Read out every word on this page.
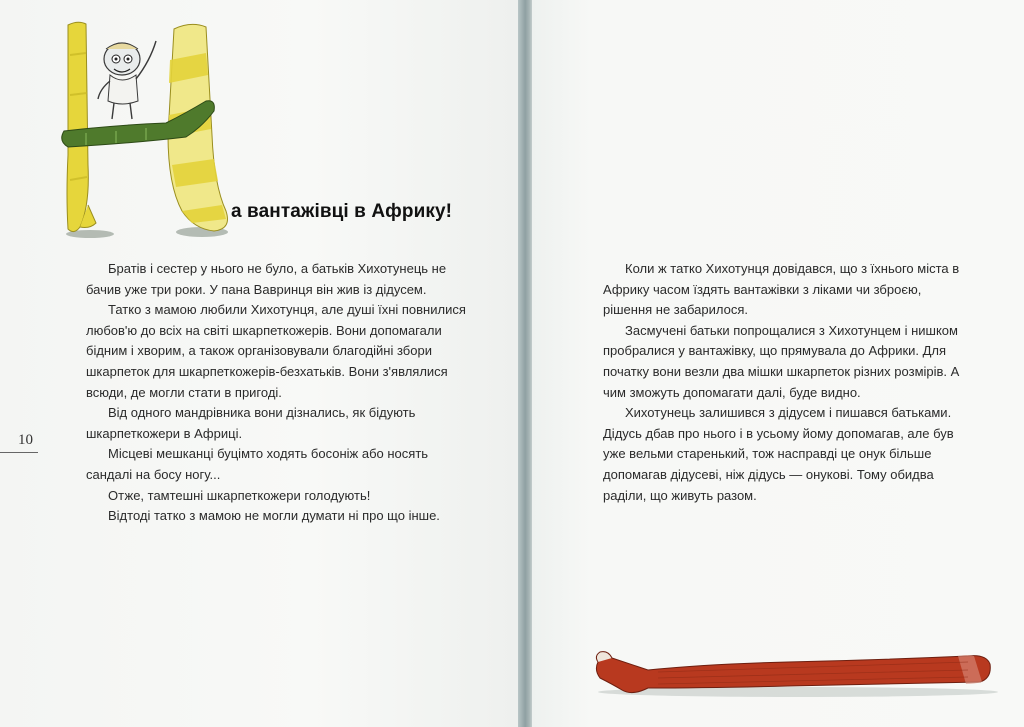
а вантажівці в Африку!

Братів і сестер у нього не було, а батьків Хихотунець не бачив уже три роки. У пана Вавринця він жив із дідусем.

Татко з мамою любили Хихотунця, але душі їхні повнилися любов'ю до всіх на світі шкарпеткожерів. Вони допомагали бідним і хворим, а також організовували благодійні збори шкарпеток для шкарпеткожерів-безхатьків. Вони з'являлися всюди, де могли стати в пригоді.

Від одного мандрівника вони дізнались, як бідують шкарпеткожери в Африці.

Місцеві мешканці буцімто ходять босоніж або носять сандалі на босу ногу...

Отже, тамтешні шкарпеткожери голодують!

Відтоді татко з мамою не могли думати ні про що інше.

10

Коли ж татко Хихотунця довідався, що з їхнього міста в Африку часом їздять вантажівки з ліками чи зброєю, рішення не забарилося.

Засмучені батьки попрощалися з Хихотунцем і нишком пробралися у вантажівку, що прямувала до Африки. Для початку вони везли два мішки шкарпеток різних розмірів. А чим зможуть допомагати далі, буде видно.

Хихотунець залишився з дідусем і пишався батьками. Дідусь дбав про нього і в усьому йому допомагав, але був уже вельми старенький, тож насправді це онук більше допомагав дідусеві, ніж дідусь — онукові. Тому обидва раділи, що живуть разом.
